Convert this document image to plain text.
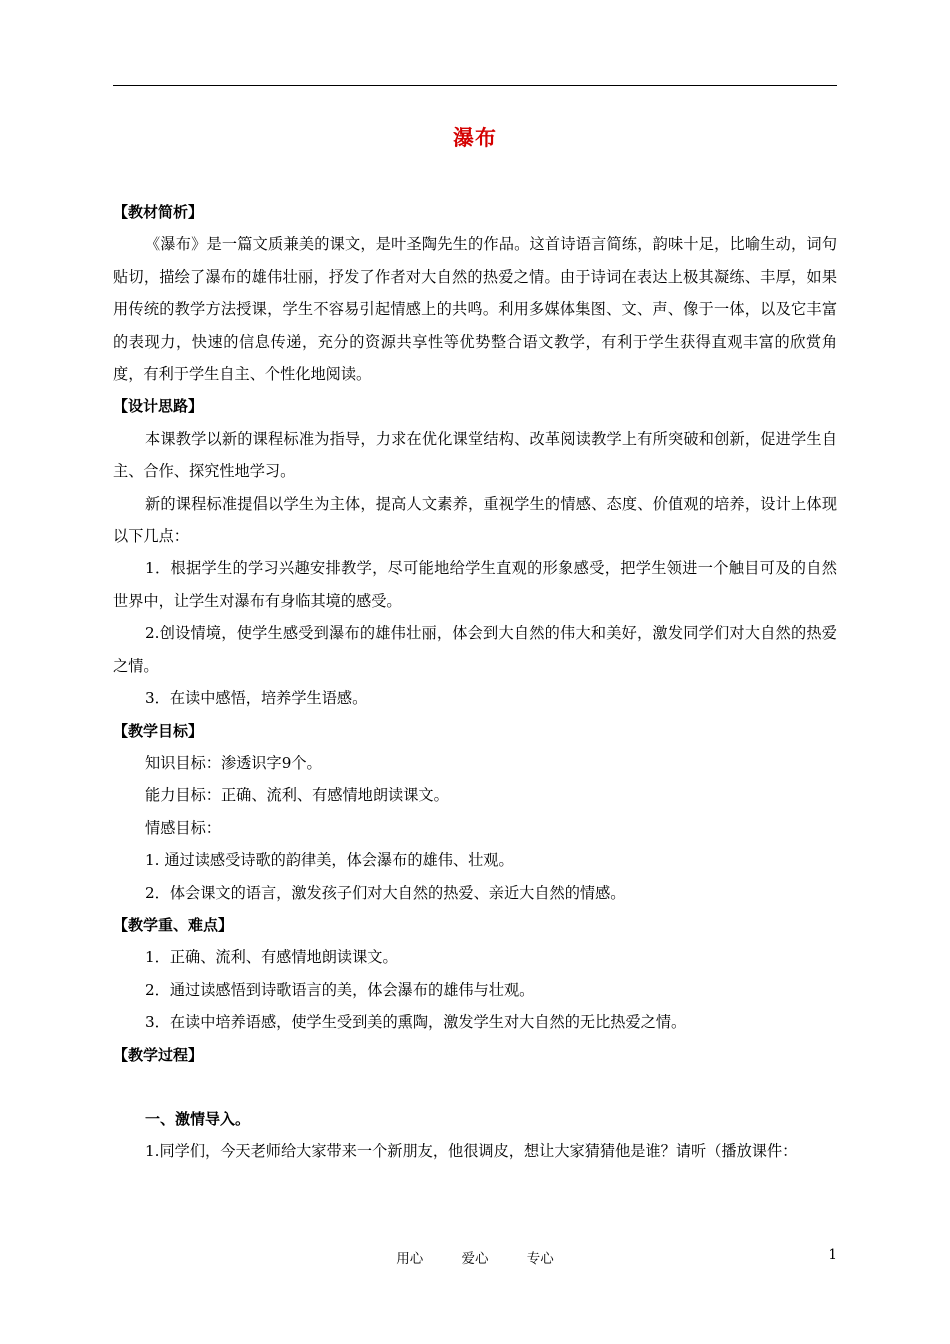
瀑布

【教材简析】

《瀑布》是一篇文质兼美的课文，是叶圣陶先生的作品。这首诗语言简练，韵味十足，比喻生动，词句贴切，描绘了瀑布的雄伟壮丽，抒发了作者对大自然的热爱之情。由于诗词在表达上极其凝练、丰厚，如果用传统的教学方法授课，学生不容易引起情感上的共鸣。利用多媒体集图、文、声、像于一体，以及它丰富的表现力，快速的信息传递，充分的资源共享性等优势整合语文教学，有利于学生获得直观丰富的欣赏角度，有利于学生自主、个性化地阅读。

【设计思路】

本课教学以新的课程标准为指导，力求在优化课堂结构、改革阅读教学上有所突破和创新，促进学生自主、合作、探究性地学习。

新的课程标准提倡以学生为主体，提高人文素养，重视学生的情感、态度、价值观的培养，设计上体现以下几点：

1．根据学生的学习兴趣安排教学，尽可能地给学生直观的形象感受，把学生领进一个触目可及的自然世界中，让学生对瀑布有身临其境的感受。

2.创设情境，使学生感受到瀑布的雄伟壮丽，体会到大自然的伟大和美好，激发同学们对大自然的热爱之情。

3．在读中感悟，培养学生语感。

【教学目标】

知识目标：渗透识字9个。

能力目标：正确、流利、有感情地朗读课文。

情感目标：

1. 通过读感受诗歌的韵律美，体会瀑布的雄伟、壮观。

2．体会课文的语言，激发孩子们对大自然的热爱、亲近大自然的情感。

【教学重、难点】

1．正确、流利、有感情地朗读课文。

2．通过读感悟到诗歌语言的美，体会瀑布的雄伟与壮观。

3．在读中培养语感，使学生受到美的熏陶，激发学生对大自然的无比热爱之情。

【教学过程】

一、激情导入。

1.同学们，今天老师给大家带来一个新朋友，他很调皮，想让大家猜猜他是谁？请听（播放课件：

用心	爱心	专心	1
